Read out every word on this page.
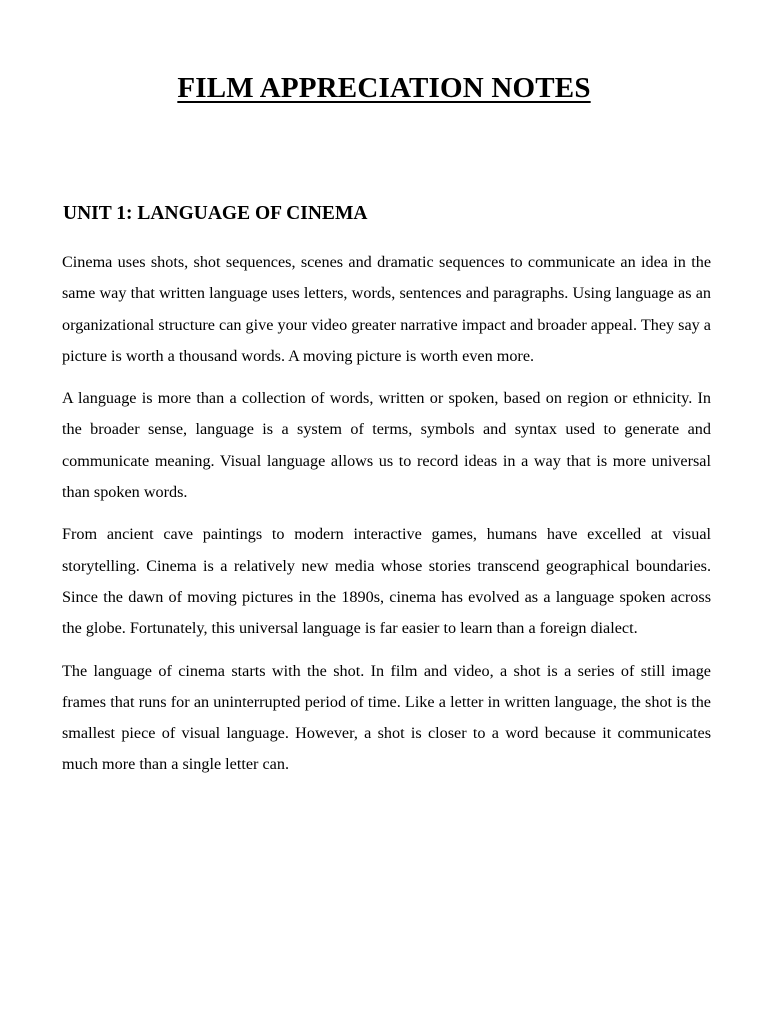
FILM APPRECIATION NOTES
UNIT 1: LANGUAGE OF CINEMA

Cinema uses shots, shot sequences, scenes and dramatic sequences to communicate an idea in the same way that written language uses letters, words, sentences and paragraphs. Using language as an organizational structure can give your video greater narrative impact and broader appeal. They say a picture is worth a thousand words. A moving picture is worth even more.

A language is more than a collection of words, written or spoken, based on region or ethnicity. In the broader sense, language is a system of terms, symbols and syntax used to generate and communicate meaning. Visual language allows us to record ideas in a way that is more universal than spoken words.

From ancient cave paintings to modern interactive games, humans have excelled at visual storytelling. Cinema is a relatively new media whose stories transcend geographical boundaries. Since the dawn of moving pictures in the 1890s, cinema has evolved as a language spoken across the globe. Fortunately, this universal language is far easier to learn than a foreign dialect.

The language of cinema starts with the shot. In film and video, a shot is a series of still image frames that runs for an uninterrupted period of time. Like a letter in written language, the shot is the smallest piece of visual language. However, a shot is closer to a word because it communicates much more than a single letter can.
